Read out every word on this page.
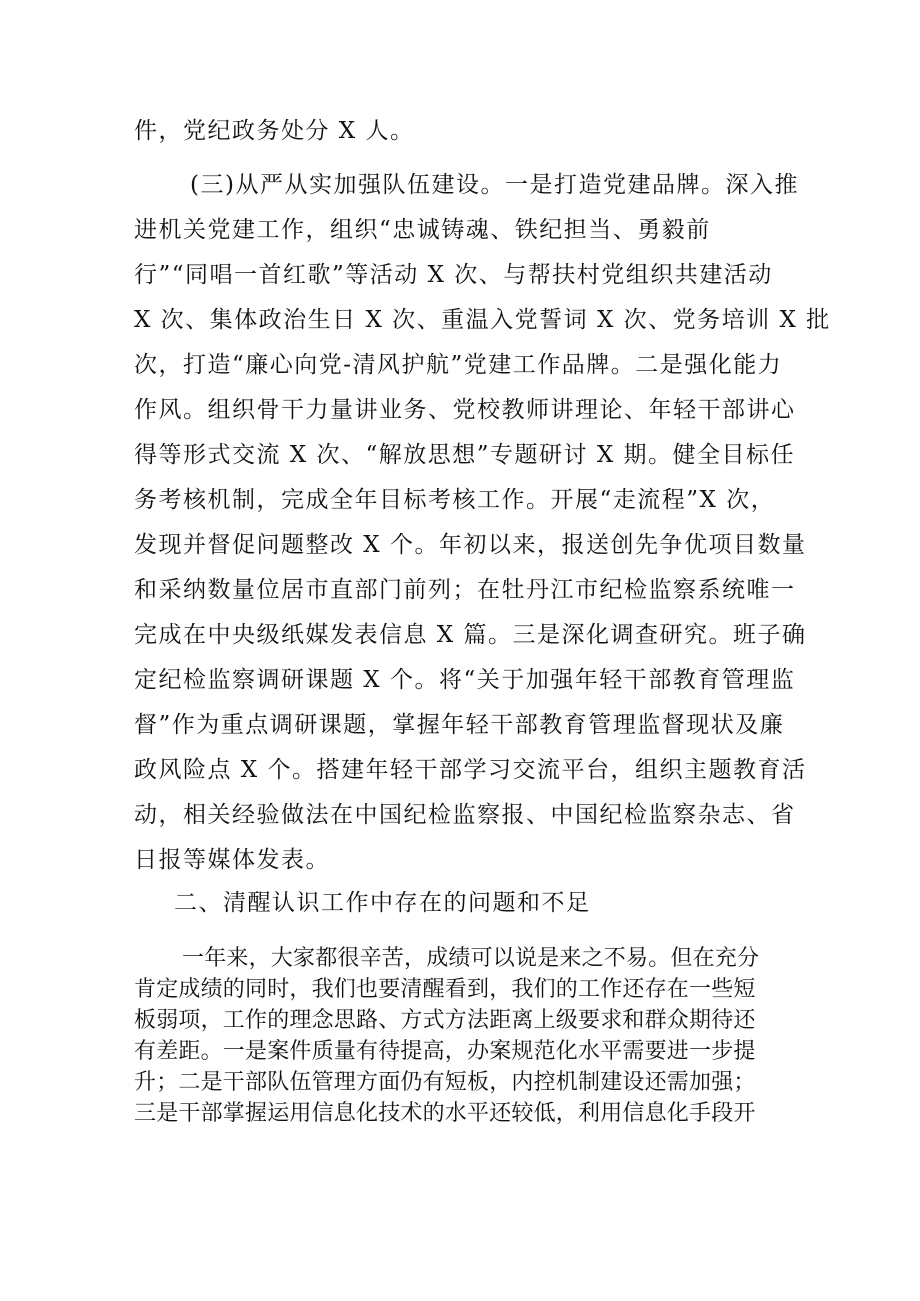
件，党纪政务处分 X 人。
(三)从严从实加强队伍建设。一是打造党建品牌。深入推
进机关党建工作，组织“忠诚铸魂、铁纪担当、勇毅前
行”“同唱一首红歌”等活动 X 次、与帮扶村党组织共建活动
X 次、集体政治生日 X 次、重温入党誓词 X 次、党务培训 X 批
次，打造“廉心向党-清风护航”党建工作品牌。二是强化能力
作风。组织骨干力量讲业务、党校教师讲理论、年轻干部讲心
得等形式交流 X 次、“解放思想”专题研讨 X 期。健全目标任
务考核机制，完成全年目标考核工作。开展“走流程”X 次，
发现并督促问题整改 X 个。年初以来，报送创先争优项目数量
和采纳数量位居市直部门前列；在牡丹江市纪检监察系统唯一
完成在中央级纸媒发表信息 X 篇。三是深化调查研究。班子确
定纪检监察调研课题 X 个。将“关于加强年轻干部教育管理监
督”作为重点调研课题，掌握年轻干部教育管理监督现状及廉
政风险点 X 个。搭建年轻干部学习交流平台，组织主题教育活
动，相关经验做法在中国纪检监察报、中国纪检监察杂志、省
日报等媒体发表。
二、清醒认识工作中存在的问题和不足
一年来，大家都很辛苦，成绩可以说是来之不易。但在充分
肯定成绩的同时，我们也要清醒看到，我们的工作还存在一些短
板弱项，工作的理念思路、方式方法距离上级要求和群众期待还
有差距。一是案件质量有待提高，办案规范化水平需要进一步提
升；二是干部队伍管理方面仍有短板，内控机制建设还需加强；
三是干部掌握运用信息化技术的水平还较低，利用信息化手段开
